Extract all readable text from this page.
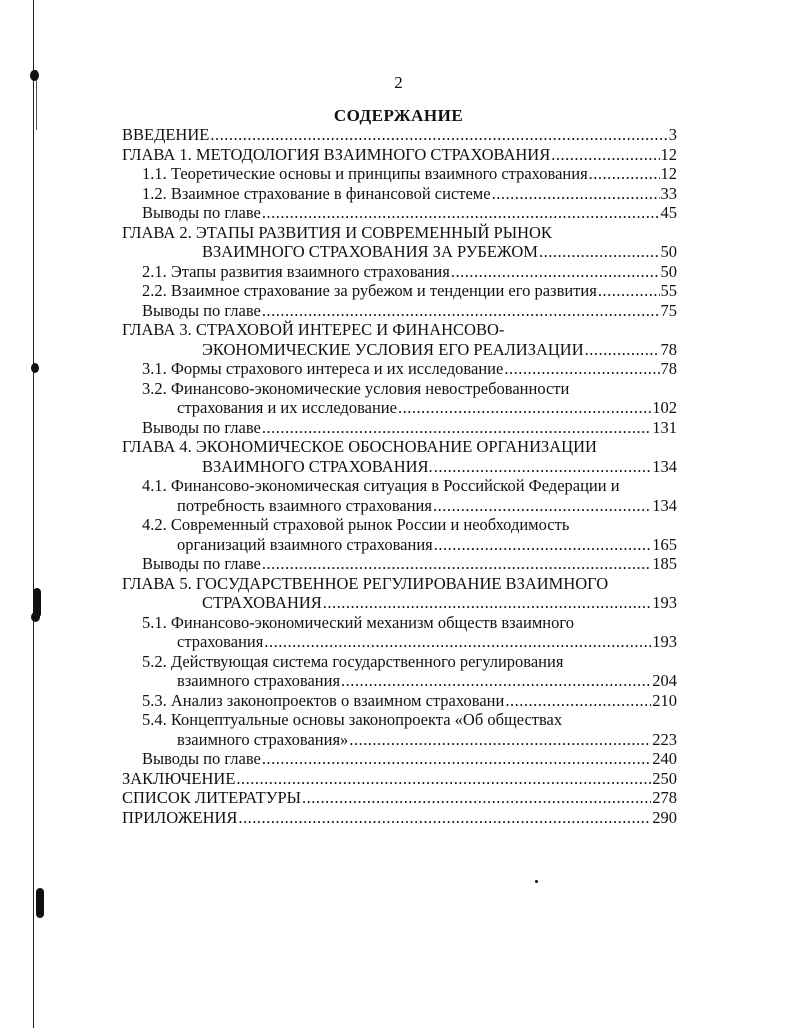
2
СОДЕРЖАНИЕ
ВВЕДЕНИЕ .....	3
ГЛАВА 1. МЕТОДОЛОГИЯ ВЗАИМНОГО СТРАХОВАНИЯ .....	12
1.1. Теоретические основы и принципы взаимного страхования .....	12
1.2. Взаимное страхование в финансовой системе .....	33
Выводы по главе .....	45
ГЛАВА 2. ЭТАПЫ РАЗВИТИЯ И СОВРЕМЕННЫЙ РЫНОК
ВЗАИМНОГО СТРАХОВАНИЯ ЗА РУБЕЖОМ .....	50
2.1. Этапы развития взаимного страхования .....	50
2.2. Взаимное страхование за рубежом и тенденции его развития .....	55
Выводы по главе .....	75
ГЛАВА 3. СТРАХОВОЙ ИНТЕРЕС И ФИНАНСОВО-
ЭКОНОМИЧЕСКИЕ УСЛОВИЯ ЕГО РЕАЛИЗАЦИИ .....	78
3.1. Формы страхового интереса и их исследование .....	78
3.2. Финансово-экономические условия невостребованности
страхования и их исследование .....	102
Выводы по главе .....	131
ГЛАВА 4. ЭКОНОМИЧЕСКОЕ ОБОСНОВАНИЕ ОРГАНИЗАЦИИ
ВЗАИМНОГО СТРАХОВАНИЯ. .....	134
4.1. Финансово-экономическая ситуация в Российской Федерации и
потребность взаимного страхования .....	134
4.2. Современный страховой рынок России и необходимость
организаций взаимного страхования .....	165
Выводы по главе .....	185
ГЛАВА 5. ГОСУДАРСТВЕННОЕ РЕГУЛИРОВАНИЕ ВЗАИМНОГО
СТРАХОВАНИЯ .....	193
5.1. Финансово-экономический механизм обществ взаимного
страхования .....	193
5.2. Действующая система государственного регулирования
взаимного страхования .....	204
5.3. Анализ законопроектов о взаимном страховани .....	210
5.4. Концептуальные основы законопроекта «Об обществах
взаимного страхования» .....	223
Выводы по главе .....	240
ЗАКЛЮЧЕНИЕ .....	250
СПИСОК ЛИТЕРАТУРЫ .....	278
ПРИЛОЖЕНИЯ .....	290
